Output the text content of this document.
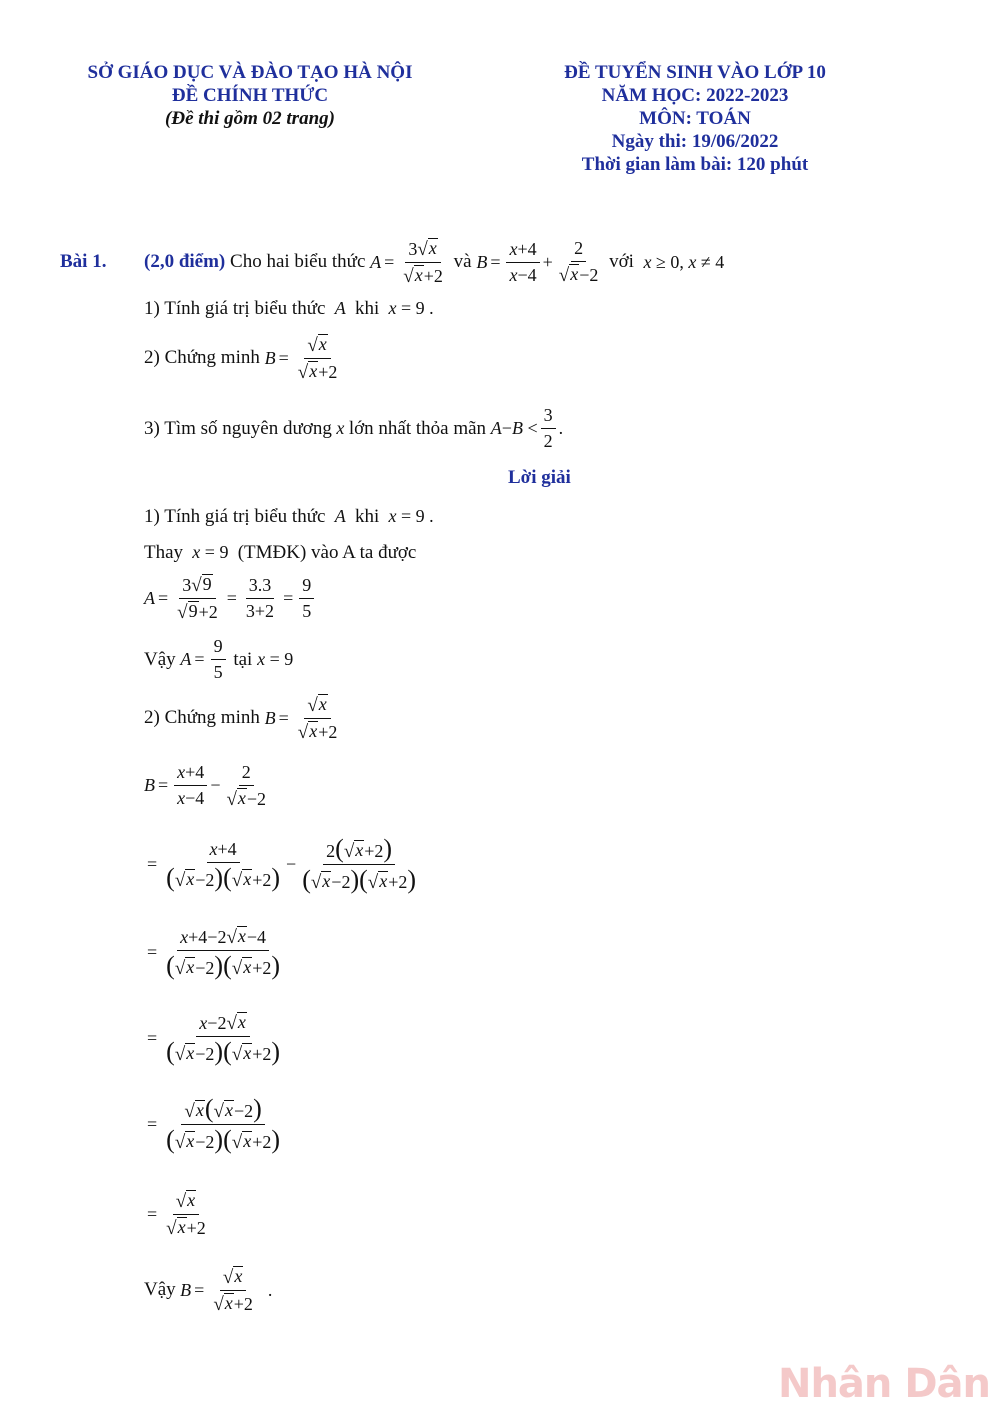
SỞ GIÁO DỤC VÀ ĐÀO TẠO HÀ NỘI
ĐỀ CHÍNH THỨC
(Đề thi gồm 02 trang)
ĐỀ TUYỂN SINH VÀO LỚP 10
NĂM HỌC: 2022-2023
MÔN: TOÁN
Ngày thi: 19/06/2022
Thời gian làm bài: 120 phút
Bài 1.	(2,0 điểm)
Cho hai biểu thức
$A = \frac{3 √ x}{√ x +2}$
và
$B = \frac{x+4}{x-4} + \frac{2}{√ x -2}$
với
x ≥ 0, x ≠ 4
1) Tính giá trị biểu thức  A  khi x = 9 .
2) Chứng minh
$B = \frac{√ x}{√ x +2}$
3) Tìm số nguyên dương x lớn nhất thỏa mãn
$A - B < \frac{3}{2}$ .
Lời giải
1) Tính giá trị biểu thức  A  khi x = 9 .
Thay x = 9  (TMĐK) vào A ta được
$A = \frac{3 √ 9}{√ 9 +2} = \frac{3.3}{3+2} = \frac{9}{5}$
Vậy
$A = \frac{9}{5}$
tại
x = 9
2) Chứng minh
$B = \frac{√ x}{√ x +2}$
$B = \frac{x+4}{x-4} - \frac{2}{√ x -2}$
= $\frac{x+4}{( √ x -2)( √ x +2)} - \frac{2( √ x +2)}{( √ x -2)( √ x +2)}$
= $\frac{x+4-2 √ x -4}{( √ x -2)( √ x +2)}$
= $\frac{x-2 √ x}{( √ x -2)( √ x +2)}$
= $\frac{√ x ( √ x -2)}{( √ x -2)( √ x +2)}$
= $\frac{√ x}{√ x +2}$
Vậy
$B = \frac{√ x}{√ x +2}$ .
Nhân Dân
